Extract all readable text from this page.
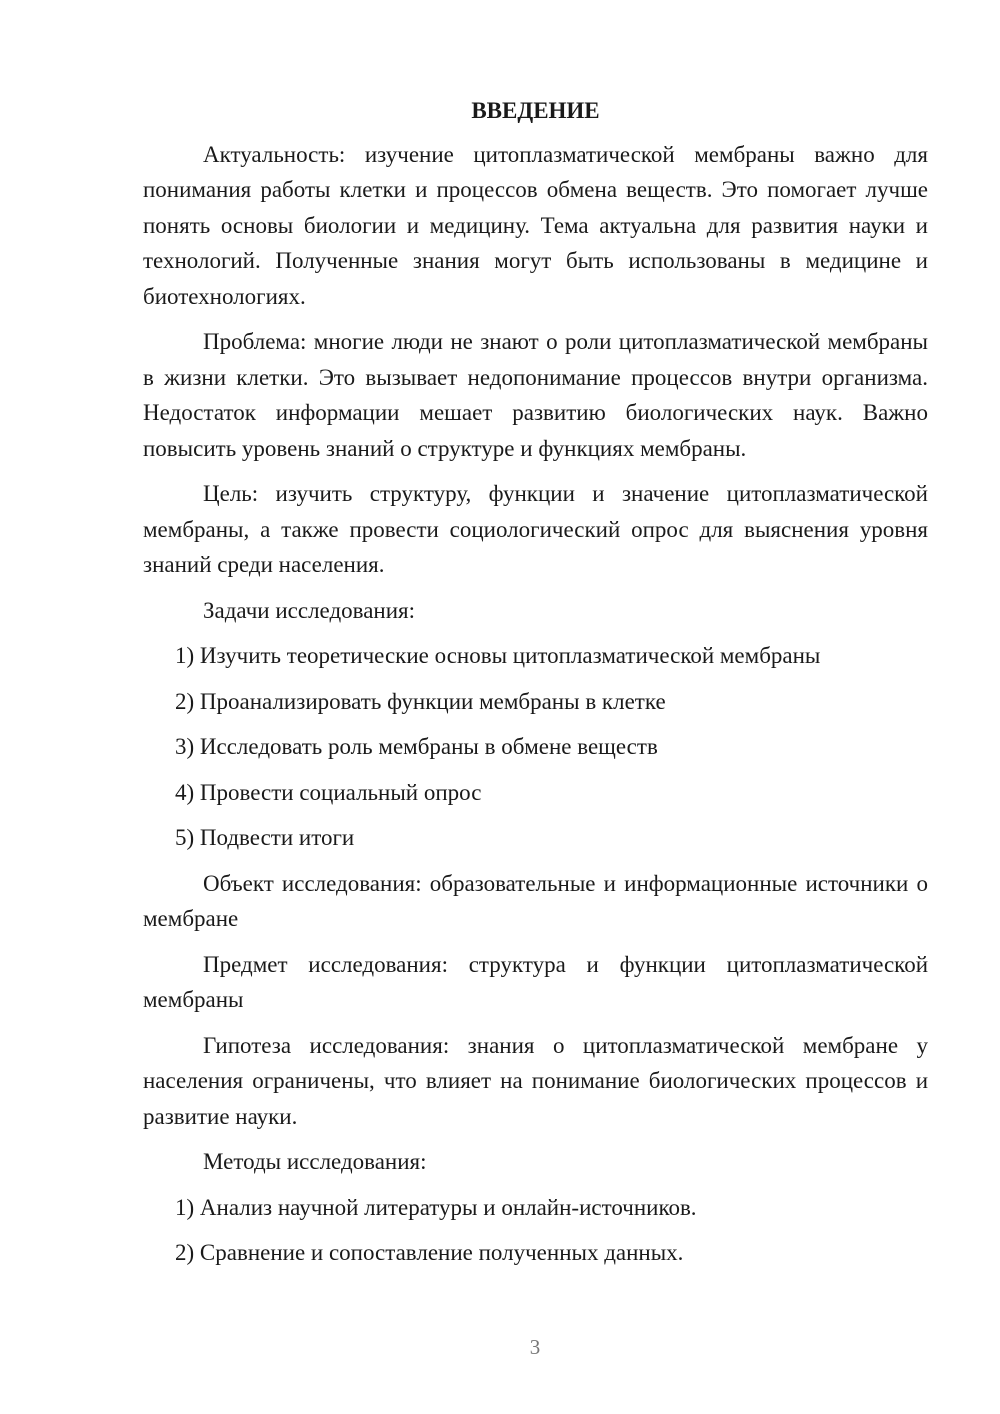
ВВЕДЕНИЕ

Актуальность: изучение цитоплазматической мембраны важно для понимания работы клетки и процессов обмена веществ. Это помогает лучше понять основы биологии и медицину. Тема актуальна для развития науки и технологий. Полученные знания могут быть использованы в медицине и биотехнологиях.

Проблема: многие люди не знают о роли цитоплазматической мембраны в жизни клетки. Это вызывает недопонимание процессов внутри организма. Недостаток информации мешает развитию биологических наук. Важно повысить уровень знаний о структуре и функциях мембраны.

Цель: изучить структуру, функции и значение цитоплазматической мембраны, а также провести социологический опрос для выяснения уровня знаний среди населения.

Задачи исследования:

1) Изучить теоретические основы цитоплазматической мембраны

2) Проанализировать функции мембраны в клетке

3) Исследовать роль мембраны в обмене веществ

4) Провести социальный опрос

5) Подвести итоги

Объект исследования: образовательные и информационные источники о мембране

Предмет исследования: структура и функции цитоплазматической мембраны

Гипотеза исследования: знания о цитоплазматической мембране у населения ограничены, что влияет на понимание биологических процессов и развитие науки.

Методы исследования:

1) Анализ научной литературы и онлайн-источников.

2) Сравнение и сопоставление полученных данных.

3
